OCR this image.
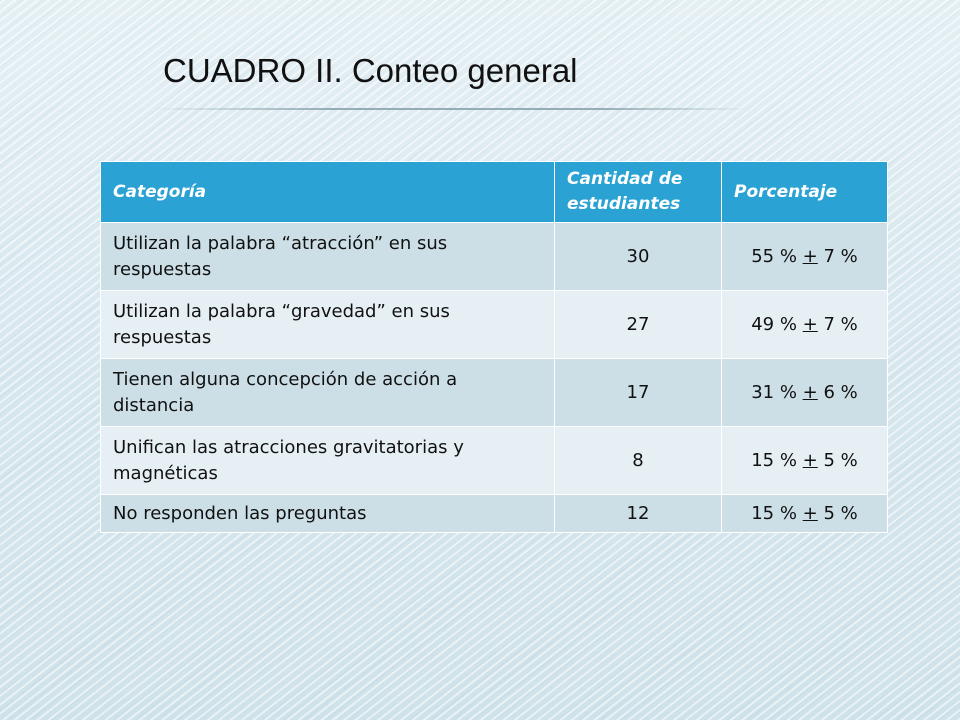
CUADRO II. Conteo general
Categoría	Cantidad de estudiantes	Porcentaje
Utilizan la palabra “atracción” en sus respuestas	30	55 % + 7 %
Utilizan la palabra “gravedad” en sus respuestas	27	49 % + 7 %
Tienen alguna concepción de acción a distancia	17	31 % + 6 %
Unifican las atracciones gravitatorias y magnéticas	8	15 % + 5 %
No responden las preguntas	12	15 % + 5 %
